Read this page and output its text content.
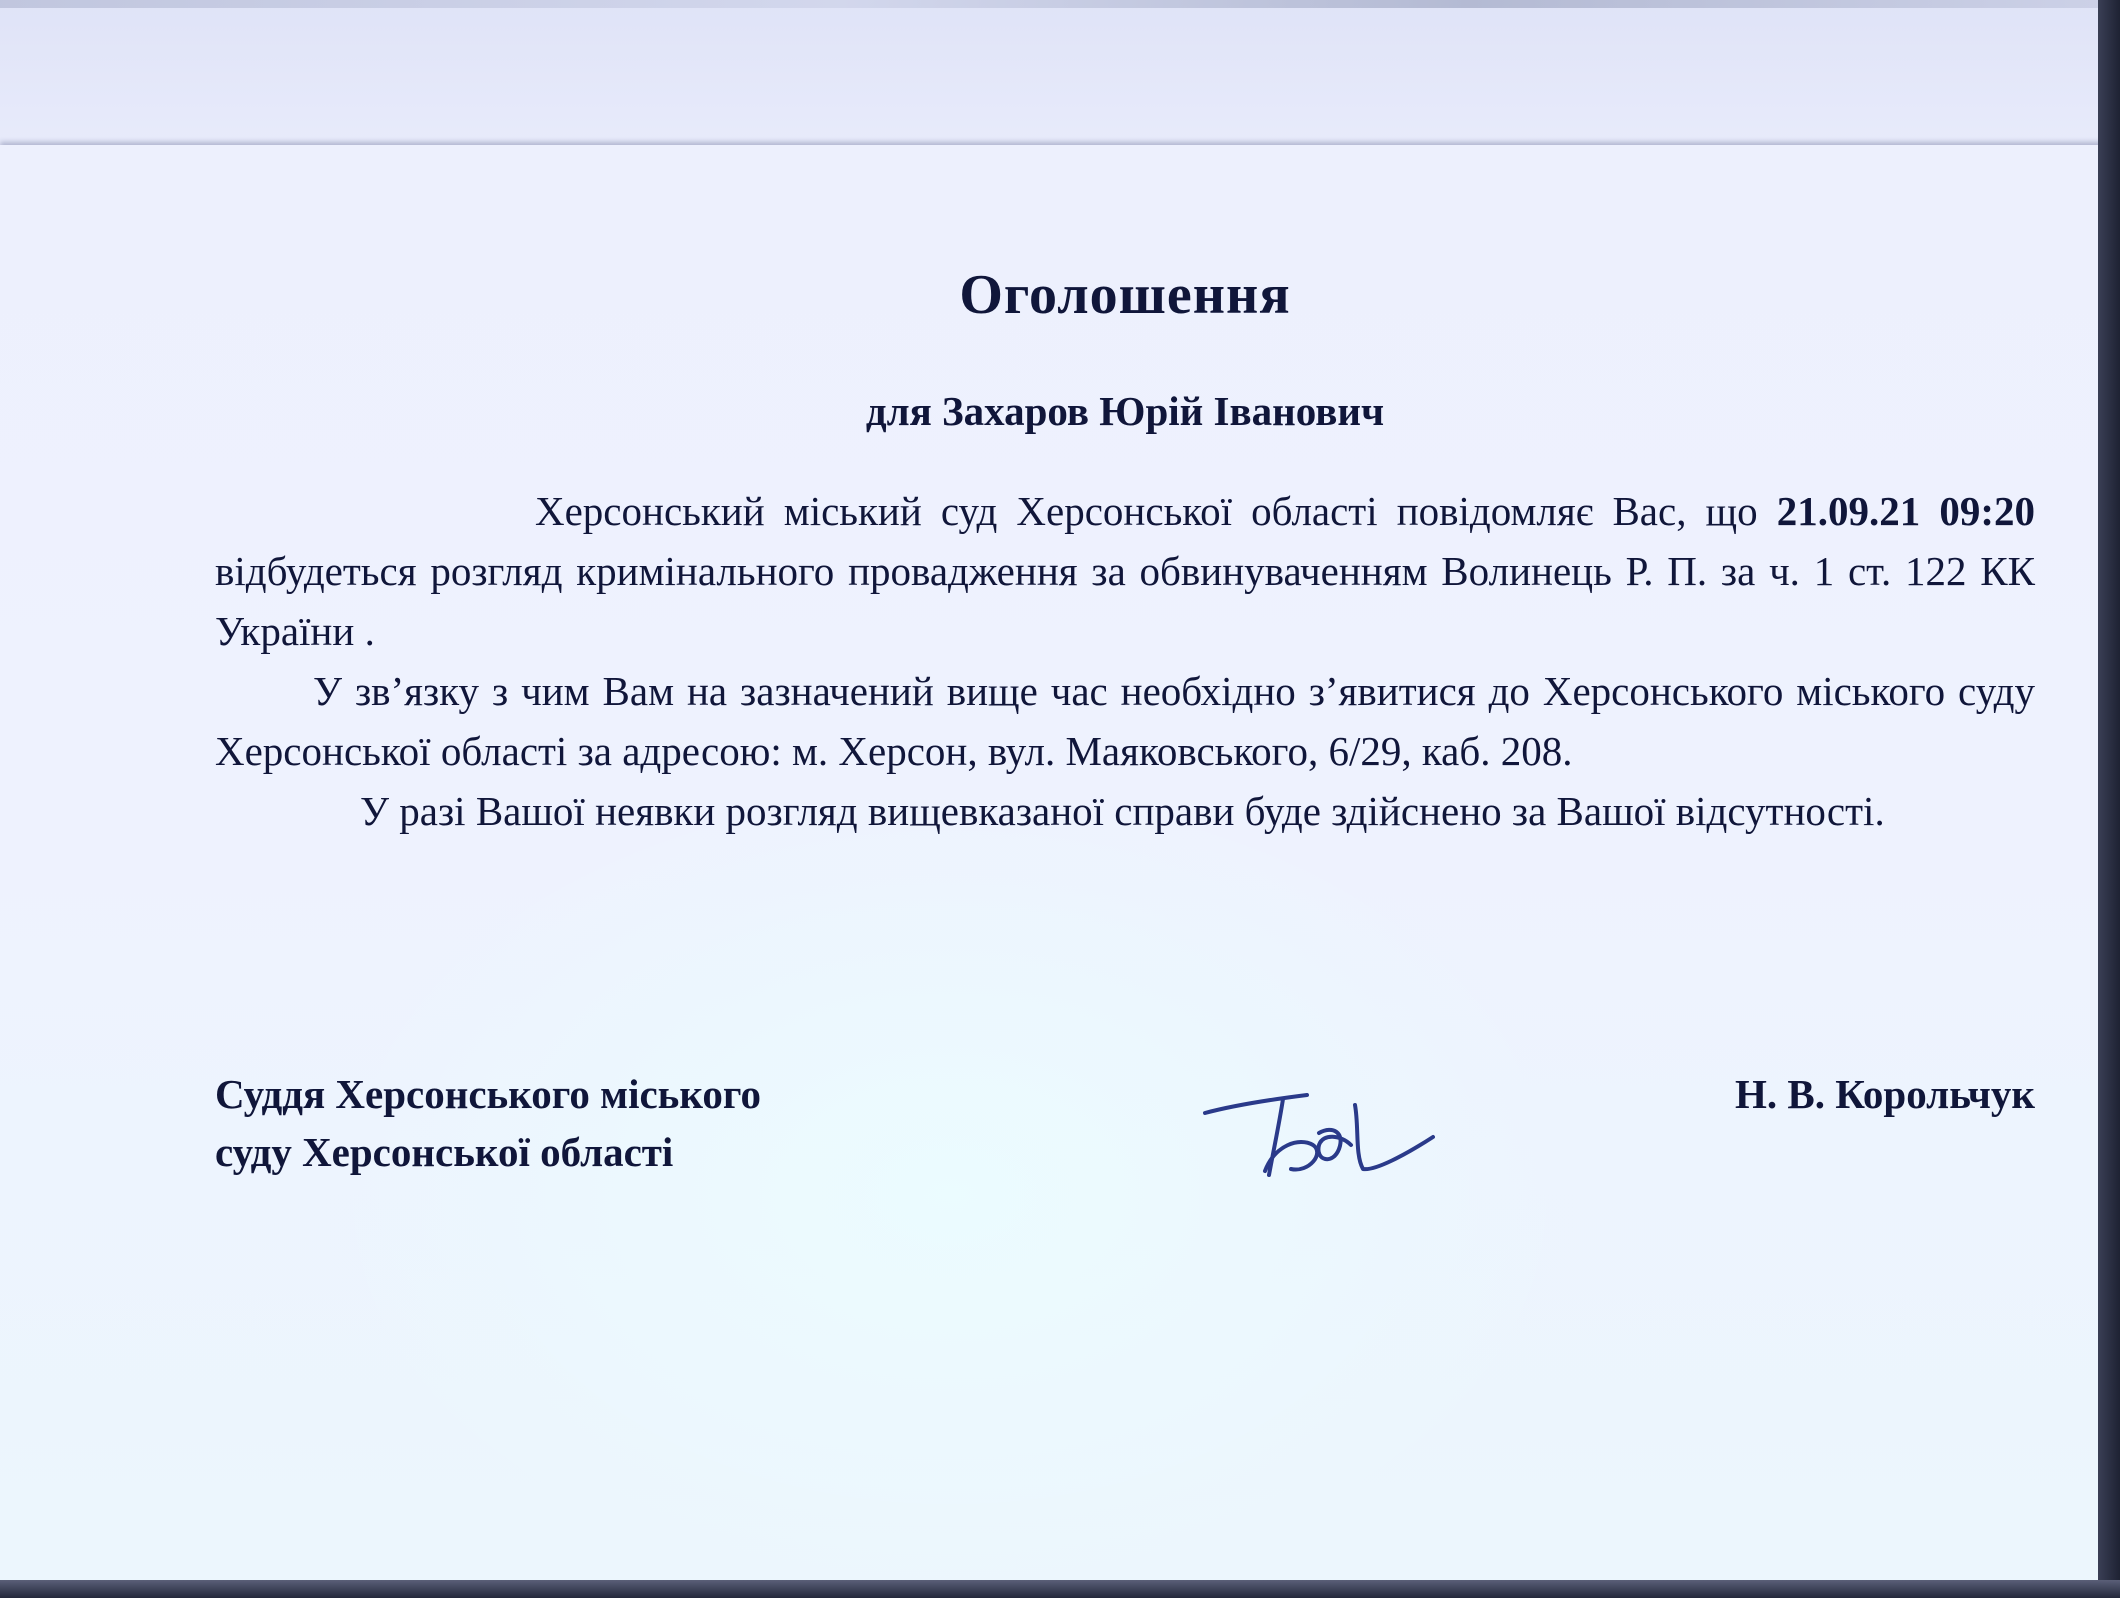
Оголошення

для Захаров Юрій Іванович

Херсонський міський суд Херсонської області повідомляє Вас, що 21.09.21 09:20 відбудеться розгляд кримінального провадження за обвинуваченням Волинець Р. П. за ч. 1 ст. 122 КК України .

У зв’язку з чим Вам на зазначений вище час необхідно з’явитися до Херсонського міського суду Херсонської області за адресою: м. Херсон, вул. Маяковського, 6/29, каб. 208.

У разі Вашої неявки розгляд вищевказаної справи буде здійснено за Вашої відсутності.

Суддя Херсонського міського
суду Херсонської області
Н. В. Корольчук
